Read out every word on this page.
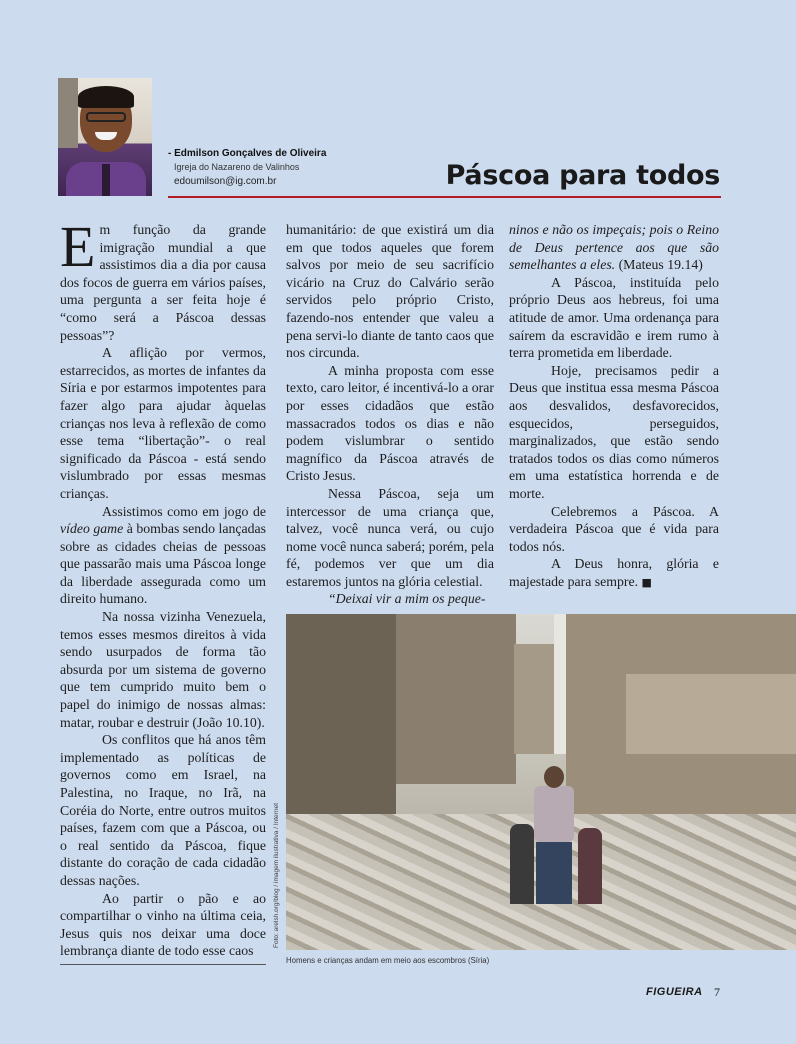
- Edmilson Gonçalves de Oliveira
Igreja do Nazareno de Valinhos
edoumilson@ig.com.br	Páscoa para todos

Em função da grande imigração mundial a que assistimos dia a dia por causa dos focos de guerra em vários países, uma pergunta a ser feita hoje é “como será a Páscoa dessas pessoas”?

A aflição por vermos, estarrecidos, as mortes de infantes da Síria e por estarmos impotentes para fazer algo para ajudar àquelas crianças nos leva à reflexão de como esse tema “libertação”- o real significado da Páscoa - está sendo vislumbrado por essas mesmas crianças.

Assistimos como em jogo de vídeo game à bombas sendo lançadas sobre as cidades cheias de pessoas que passarão mais uma Páscoa longe da liberdade assegurada como um direito humano.

Na nossa vizinha Venezuela, temos esses mesmos direitos à vida sendo usurpados de forma tão absurda por um sistema de governo que tem cumprido muito bem o papel do inimigo de nossas almas: matar, roubar e destruir (João 10.10).

Os conflitos que há anos têm implementado as políticas de governos como em Israel, na Palestina, no Iraque, no Irã, na Coréia do Norte, entre outros muitos países, fazem com que a Páscoa, ou o real sentido da Páscoa, fique distante do coração de cada cidadão dessas nações.

Ao partir o pão e ao compartilhar o vinho na última ceia, Jesus quis nos deixar uma doce lembrança diante de todo esse caos

humanitário: de que existirá um dia em que todos aqueles que forem salvos por meio de seu sacrifício vicário na Cruz do Calvário serão servidos pelo próprio Cristo, fazendo-nos entender que valeu a pena servi-lo diante de tanto caos que nos circunda.

A minha proposta com esse texto, caro leitor, é incentivá-lo a orar por esses cidadãos que estão massacrados todos os dias e não podem vislumbrar o sentido magnífico da Páscoa através de Cristo Jesus.

Nessa Páscoa, seja um intercessor de uma criança que, talvez, você nunca verá, ou cujo nome você nunca saberá; porém, pela fé, podemos ver que um dia estaremos juntos na glória celestial.

“Deixai vir a mim os peque-

ninos e não os impeçais; pois o Reino de Deus pertence aos que são semelhantes a eles. (Mateus 19.14)

A Páscoa, instituída pelo próprio Deus aos hebreus, foi uma atitude de amor. Uma ordenança para saírem da escravidão e irem rumo à terra prometida em liberdade.

Hoje, precisamos pedir a Deus que institua essa mesma Páscoa aos desvalidos, desfavorecidos, esquecidos, perseguidos, marginalizados, que estão sendo tratados todos os dias como números em uma estatística horrenda e de morte.

Celebremos a Páscoa. A verdadeira Páscoa que é vida para todos nós.

A Deus honra, glória e majestade para sempre. ■

Foto: arelsh.org/blog / imagem ilustrativa / Internet
Homens e crianças andam em meio aos escombros (Síria)
FIGUEIRA 7
